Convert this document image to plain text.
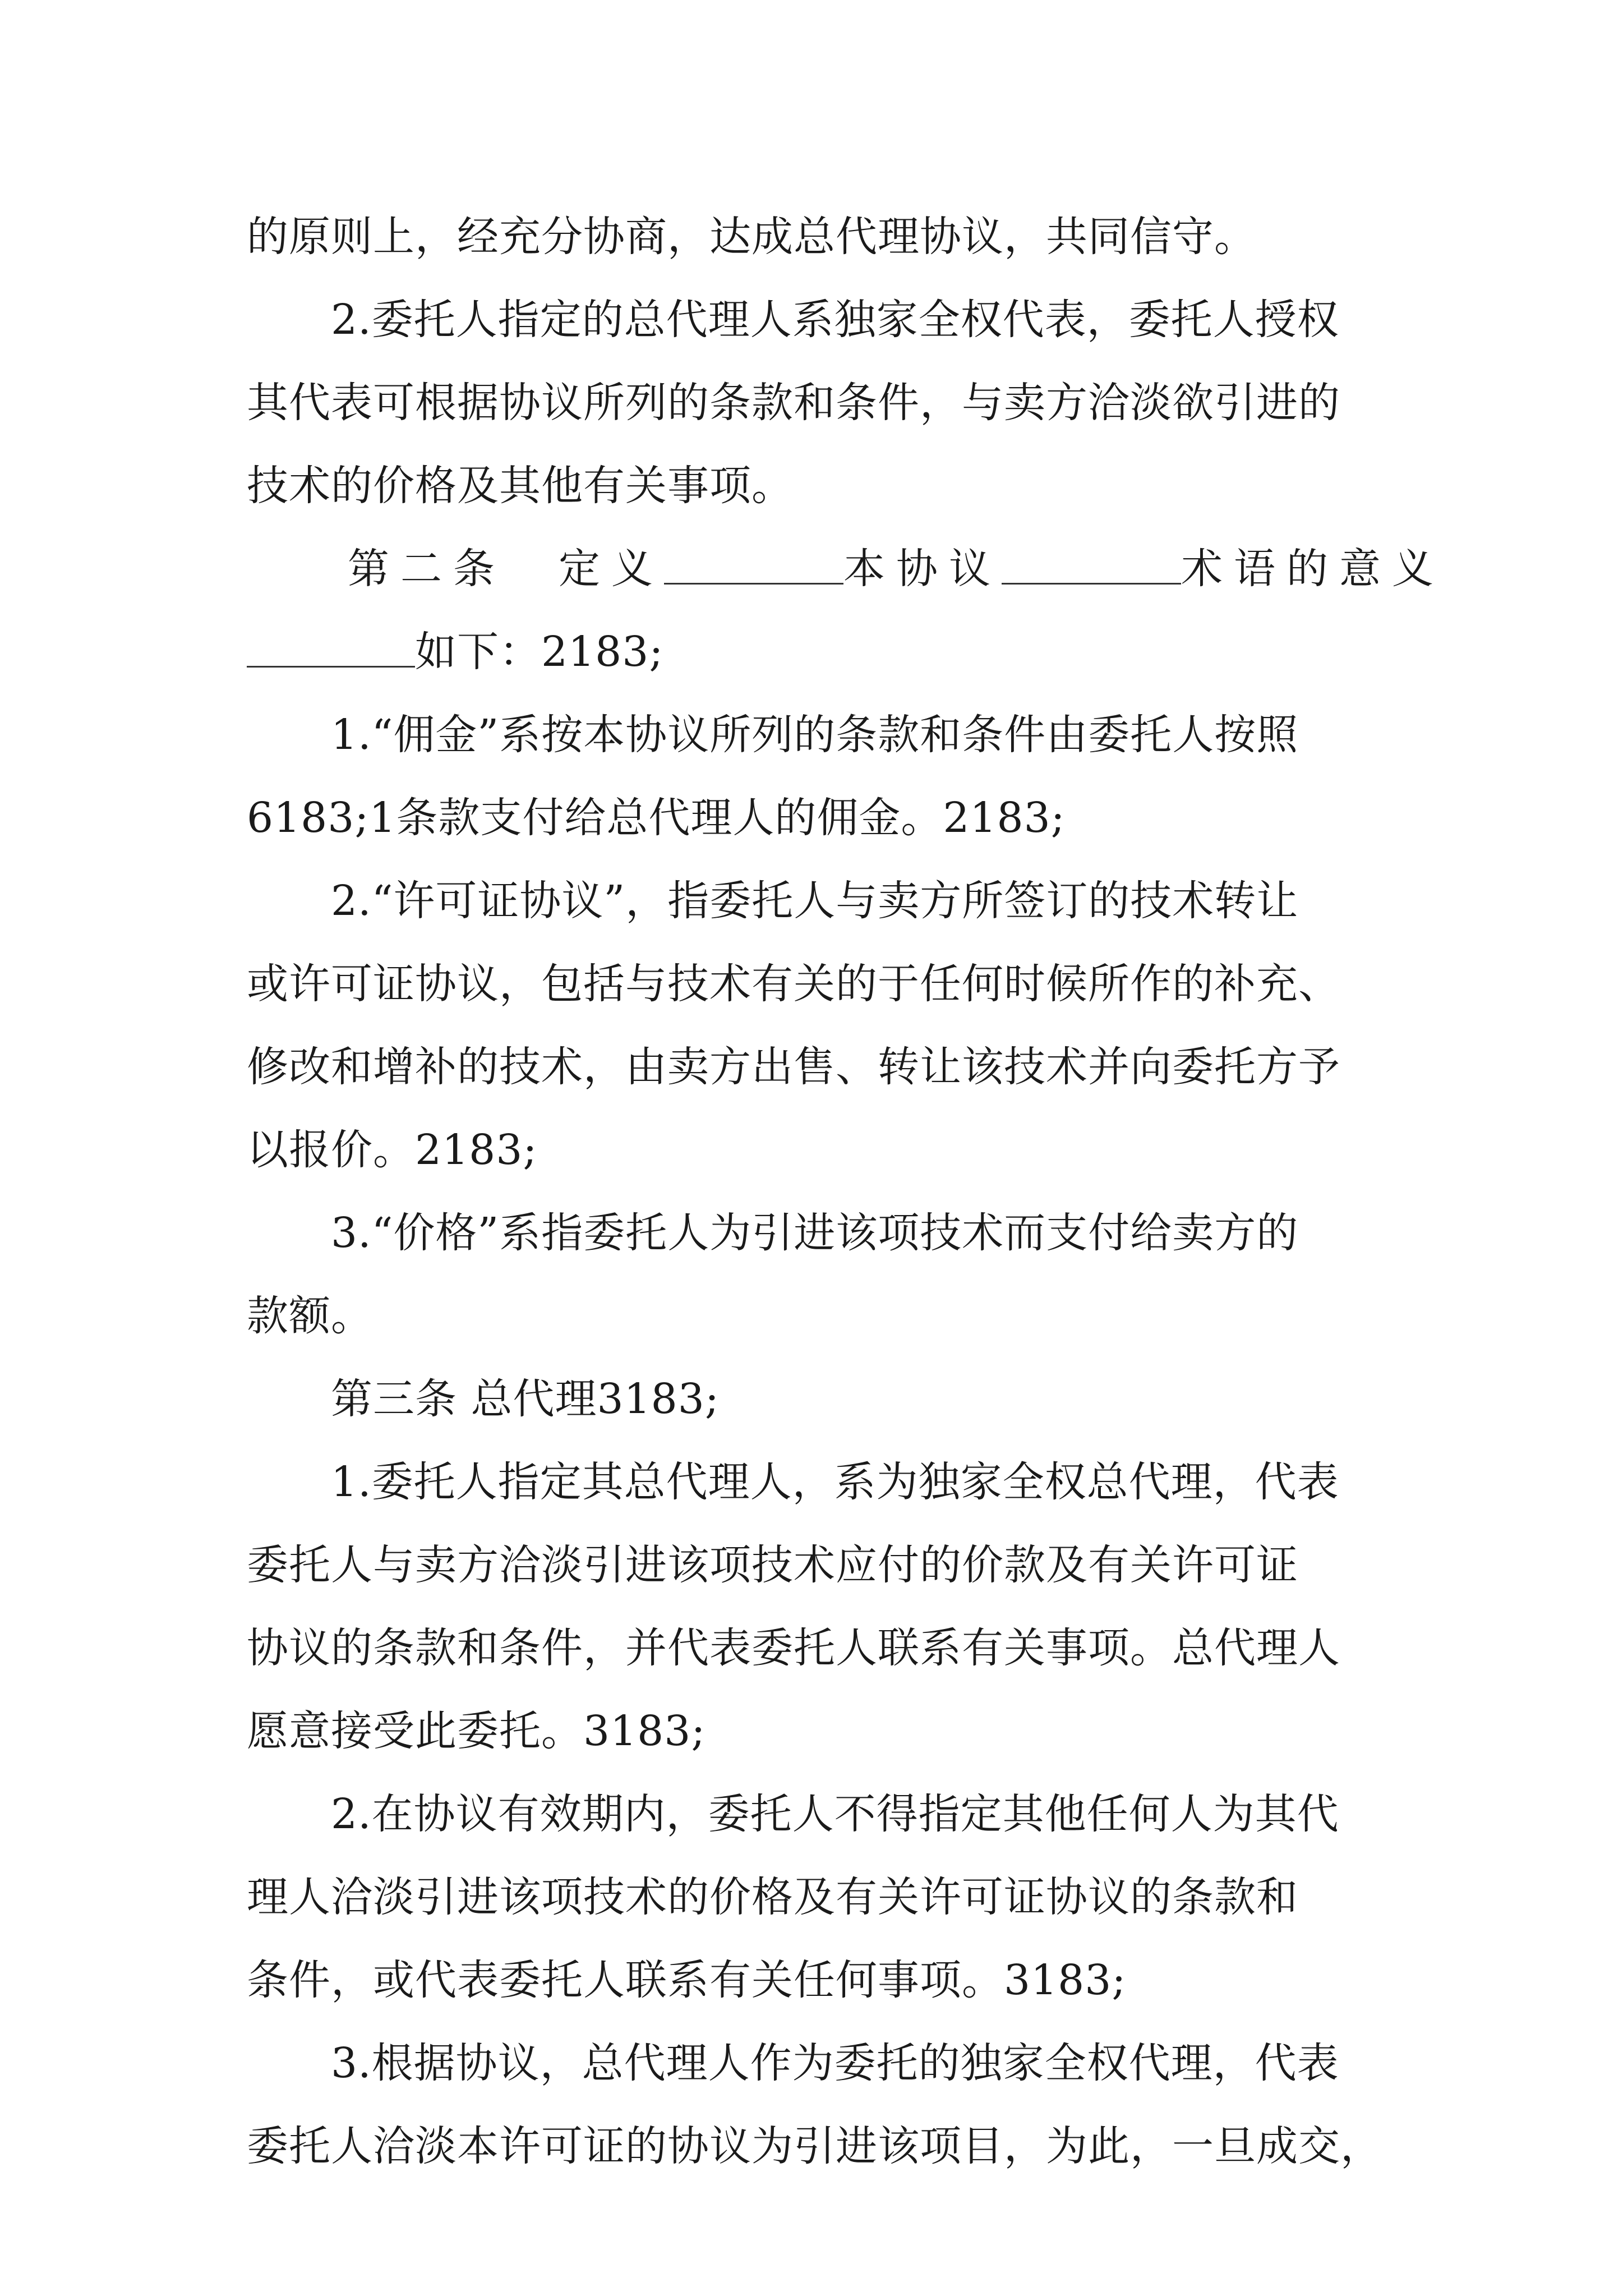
的原则上，经充分协商，达成总代理协议，共同信守。
2.委托人指定的总代理人系独家全权代表，委托人授权
其代表可根据协议所列的条款和条件，与卖方洽淡欲引进的
技术的价格及其他有关事项。
第二条　定义	本协议	术语的意义
如下：2183;
1.“佣金”系按本协议所列的条款和条件由委托人按照
6183;1条款支付给总代理人的佣金。2183;
2.“许可证协议”，指委托人与卖方所签订的技术转让
或许可证协议，包括与技术有关的于任何时候所作的补充、
修改和增补的技术，由卖方出售、转让该技术并向委托方予
以报价。2183;
3.“价格”系指委托人为引进该项技术而支付给卖方的
款额。
第三条 总代理3183;
1.委托人指定其总代理人，系为独家全权总代理，代表
委托人与卖方洽淡引进该项技术应付的价款及有关许可证
协议的条款和条件，并代表委托人联系有关事项。总代理人
愿意接受此委托。3183;
2.在协议有效期内，委托人不得指定其他任何人为其代
理人洽淡引进该项技术的价格及有关许可证协议的条款和
条件，或代表委托人联系有关任何事项。3183;
3.根据协议，总代理人作为委托的独家全权代理，代表
委托人洽淡本许可证的协议为引进该项目，为此，一旦成交，
